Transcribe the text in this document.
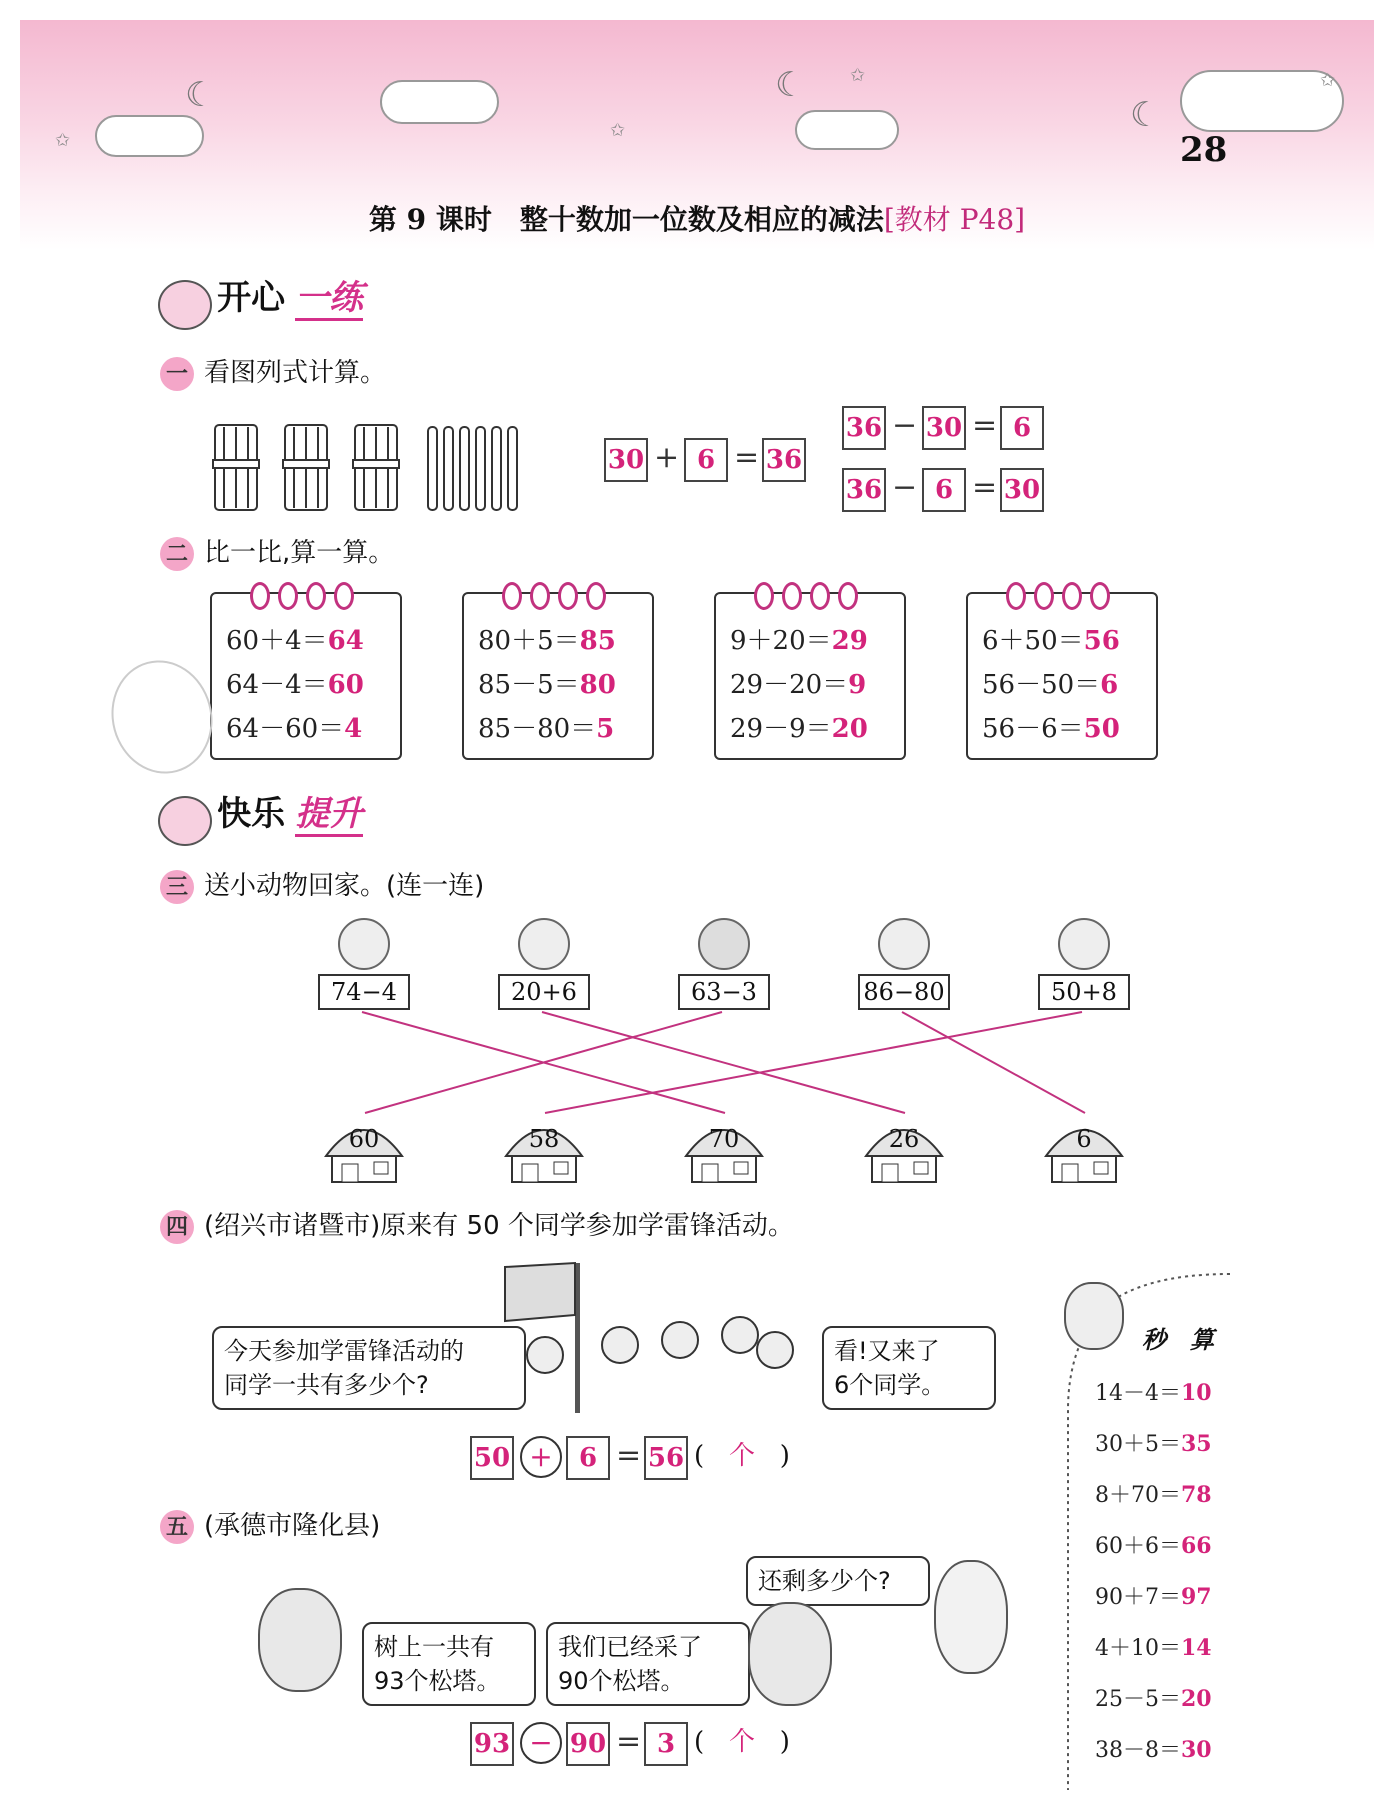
☾	☾
☾
✩	✩
✩	✩
28
第 9 课时　整十数加一位数及相应的减法[教材 P48]
开心 一练
一 看图列式计算。
30 + 6 = 36
36 − 30 = 6
36 − 6 = 30
二 比一比,算一算。
60＋4＝64
64－4＝60
64－60＝4
80＋5＝85
85－5＝80
85－80＝5
9＋20＝29
29－20＝9
29－9＝20
6＋50＝56
56－50＝6
56－6＝50
快乐 提升
三 送小动物回家。(连一连)
74−4	20+6	63−3	86−80	50+8
60	58	70	26	6
四 (绍兴市诸暨市)原来有 50 个同学参加学雷锋活动。
今天参加学雷锋活动的
同学一共有多少个?
看!又来了
6个同学。
50 +	6 = 56 (   个   )
五 (承德市隆化县)
还剩多少个?
树上一共有
93个松塔。
我们已经采了
90个松塔。
93 − 90 = 3 (   个   )
秒　算
14－4＝10
30＋5＝35
8＋70＝78
60＋6＝66
90＋7＝97
4＋10＝14
25－5＝20
38－8＝30
